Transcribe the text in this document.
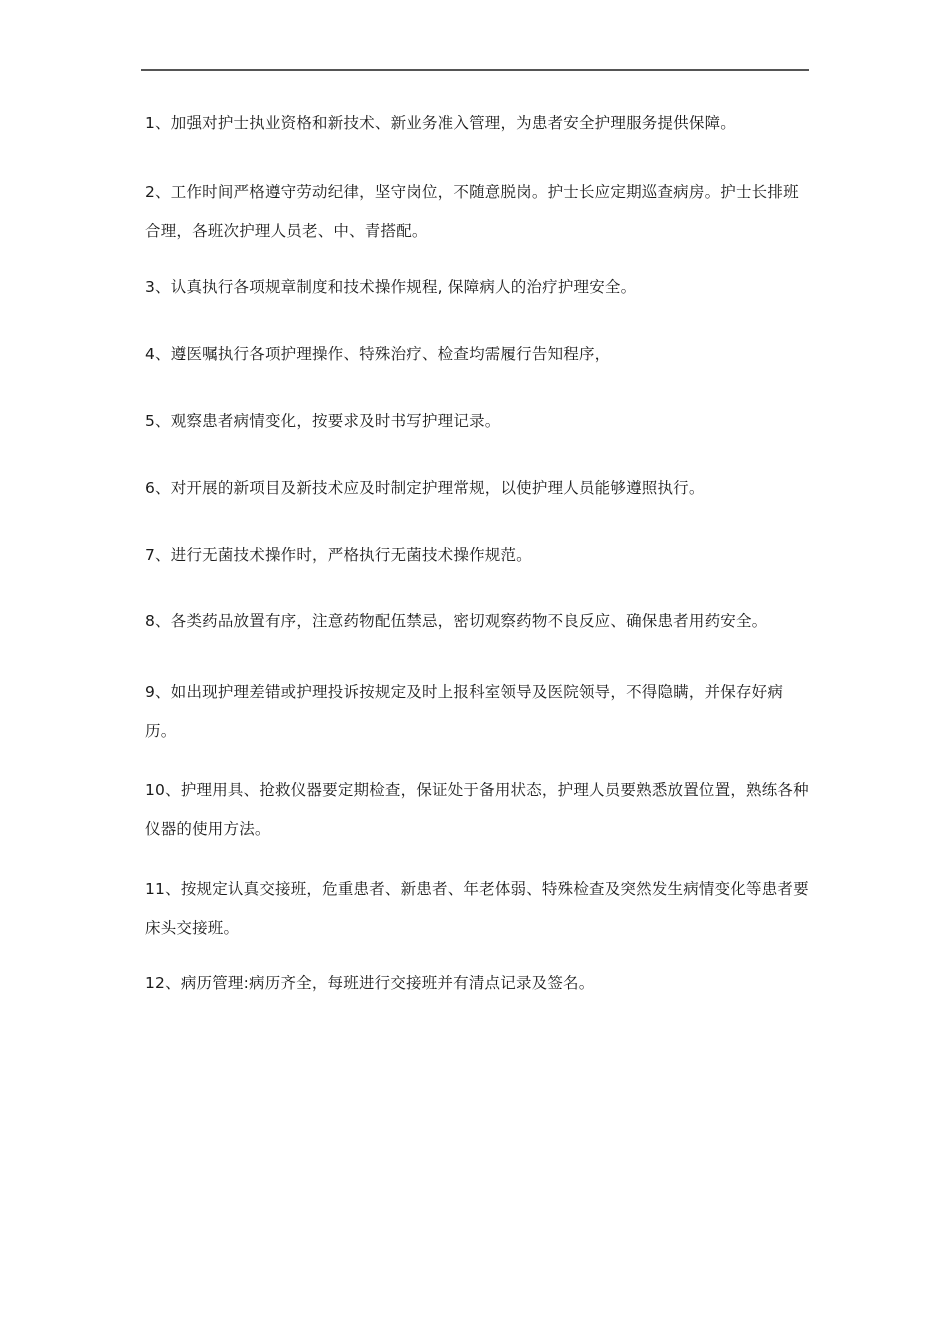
1、加强对护士执业资格和新技术、新业务准入管理，为患者安全护理服务提供保障。
2、工作时间严格遵守劳动纪律，坚守岗位，不随意脱岗。护士长应定期巡查病房。护士长排班合理，各班次护理人员老、中、青搭配。
3、认真执行各项规章制度和技术操作规程, 保障病人的治疗护理安全。
4、遵医嘱执行各项护理操作、特殊治疗、检查均需履行告知程序，
5、观察患者病情变化，按要求及时书写护理记录。
6、对开展的新项目及新技术应及时制定护理常规，以使护理人员能够遵照执行。
7、进行无菌技术操作时，严格执行无菌技术操作规范。
8、各类药品放置有序，注意药物配伍禁忌，密切观察药物不良反应、确保患者用药安全。
9、如出现护理差错或护理投诉按规定及时上报科室领导及医院领导，不得隐瞒，并保存好病历。
10、护理用具、抢救仪器要定期检查，保证处于备用状态，护理人员要熟悉放置位置，熟练各种仪器的使用方法。
11、按规定认真交接班，危重患者、新患者、年老体弱、特殊检查及突然发生病情变化等患者要床头交接班。
12、病历管理:病历齐全，每班进行交接班并有清点记录及签名。
